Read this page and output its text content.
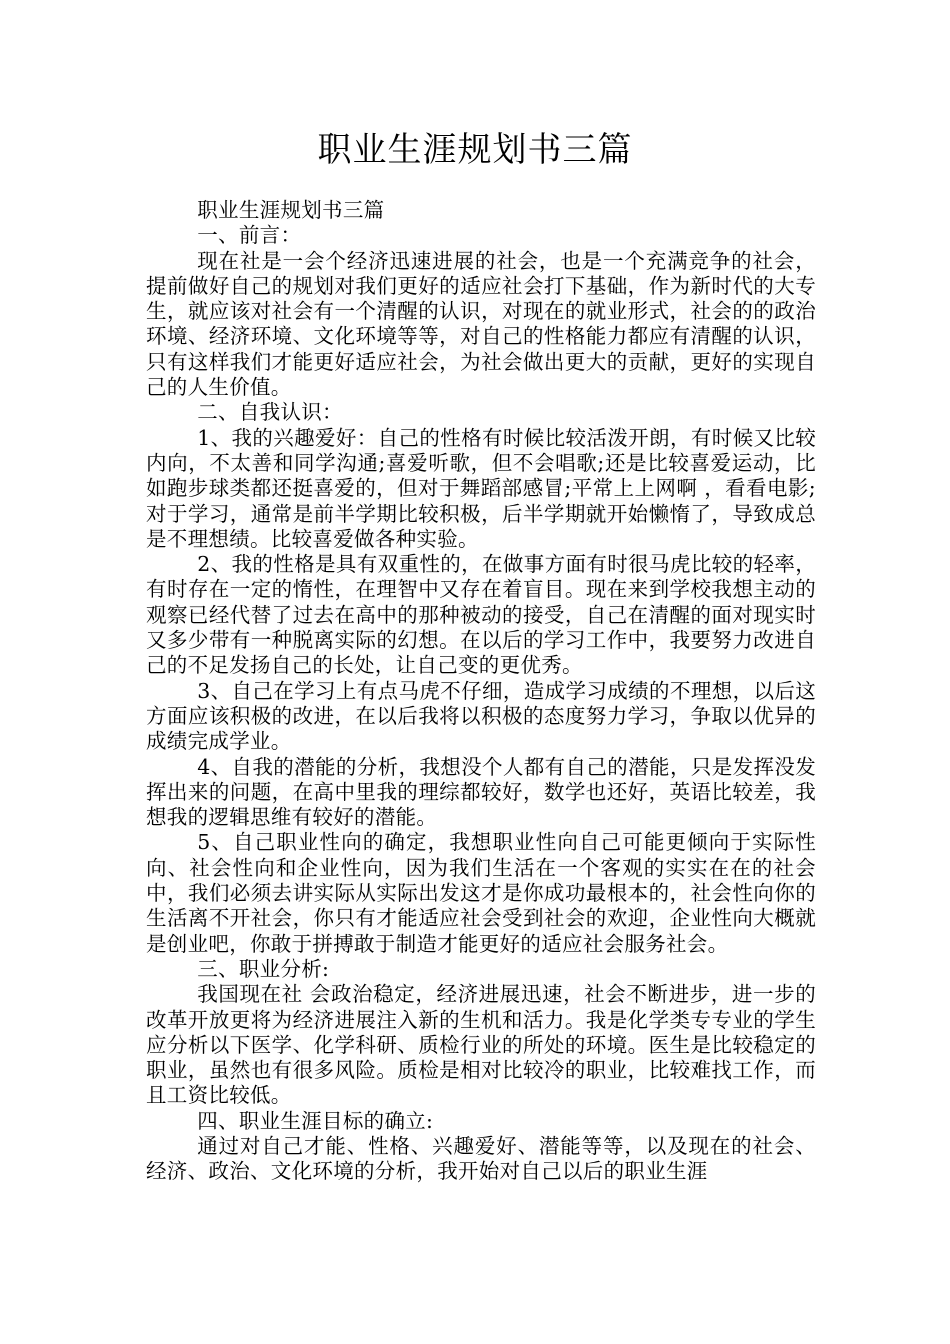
职业生涯规划书三篇

职业生涯规划书三篇

一、前言：

现在社是一会个经济迅速进展的社会，也是一个充满竞争的社会，提前做好自己的规划对我们更好的适应社会打下基础，作为新时代的大专生，就应该对社会有一个清醒的认识，对现在的就业形式，社会的的政治环境、经济环境、文化环境等等，对自己的性格能力都应有清醒的认识，只有这样我们才能更好适应社会，为社会做出更大的贡献，更好的实现自己的人生价值。

二、自我认识：

1、我的兴趣爱好：自己的性格有时候比较活泼开朗，有时候又比较内向，不太善和同学沟通;喜爱听歌，但不会唱歌;还是比较喜爱运动，比如跑步球类都还挺喜爱的，但对于舞蹈部感冒;平常上上网啊 ，看看电影;对于学习，通常是前半学期比较积极，后半学期就开始懒惰了，导致成总是不理想绩。比较喜爱做各种实验。

2、我的性格是具有双重性的，在做事方面有时很马虎比较的轻率，有时存在一定的惰性，在理智中又存在着盲目。现在来到学校我想主动的观察已经代替了过去在高中的那种被动的接受，自己在清醒的面对现实时又多少带有一种脱离实际的幻想。在以后的学习工作中，我要努力改进自己的不足发扬自己的长处，让自己变的更优秀。

3、自己在学习上有点马虎不仔细，造成学习成绩的不理想，以后这方面应该积极的改进，在以后我将以积极的态度努力学习，争取以优异的成绩完成学业。

4、自我的潜能的分析，我想没个人都有自己的潜能，只是发挥没发挥出来的问题，在高中里我的理综都较好，数学也还好，英语比较差，我想我的逻辑思维有较好的潜能。

5、自己职业性向的确定，我想职业性向自己可能更倾向于实际性向、社会性向和企业性向，因为我们生活在一个客观的实实在在的社会中，我们必须去讲实际从实际出发这才是你成功最根本的，社会性向你的生活离不开社会，你只有才能适应社会受到社会的欢迎，企业性向大概就是创业吧，你敢于拼搏敢于制造才能更好的适应社会服务社会。

三、职业分析:

我国现在社 会政治稳定，经济进展迅速，社会不断进步，进一步的改革开放更将为经济进展注入新的生机和活力。我是化学类专专业的学生应分析以下医学、化学科研、质检行业的所处的环境。医生是比较稳定的职业，虽然也有很多风险。质检是相对比较冷的职业，比较难找工作，而且工资比较低。

四、职业生涯目标的确立:

通过对自己才能、性格、兴趣爱好、潜能等等，以及现在的社会、经济、政治、文化环境的分析，我开始对自己以后的职业生涯
